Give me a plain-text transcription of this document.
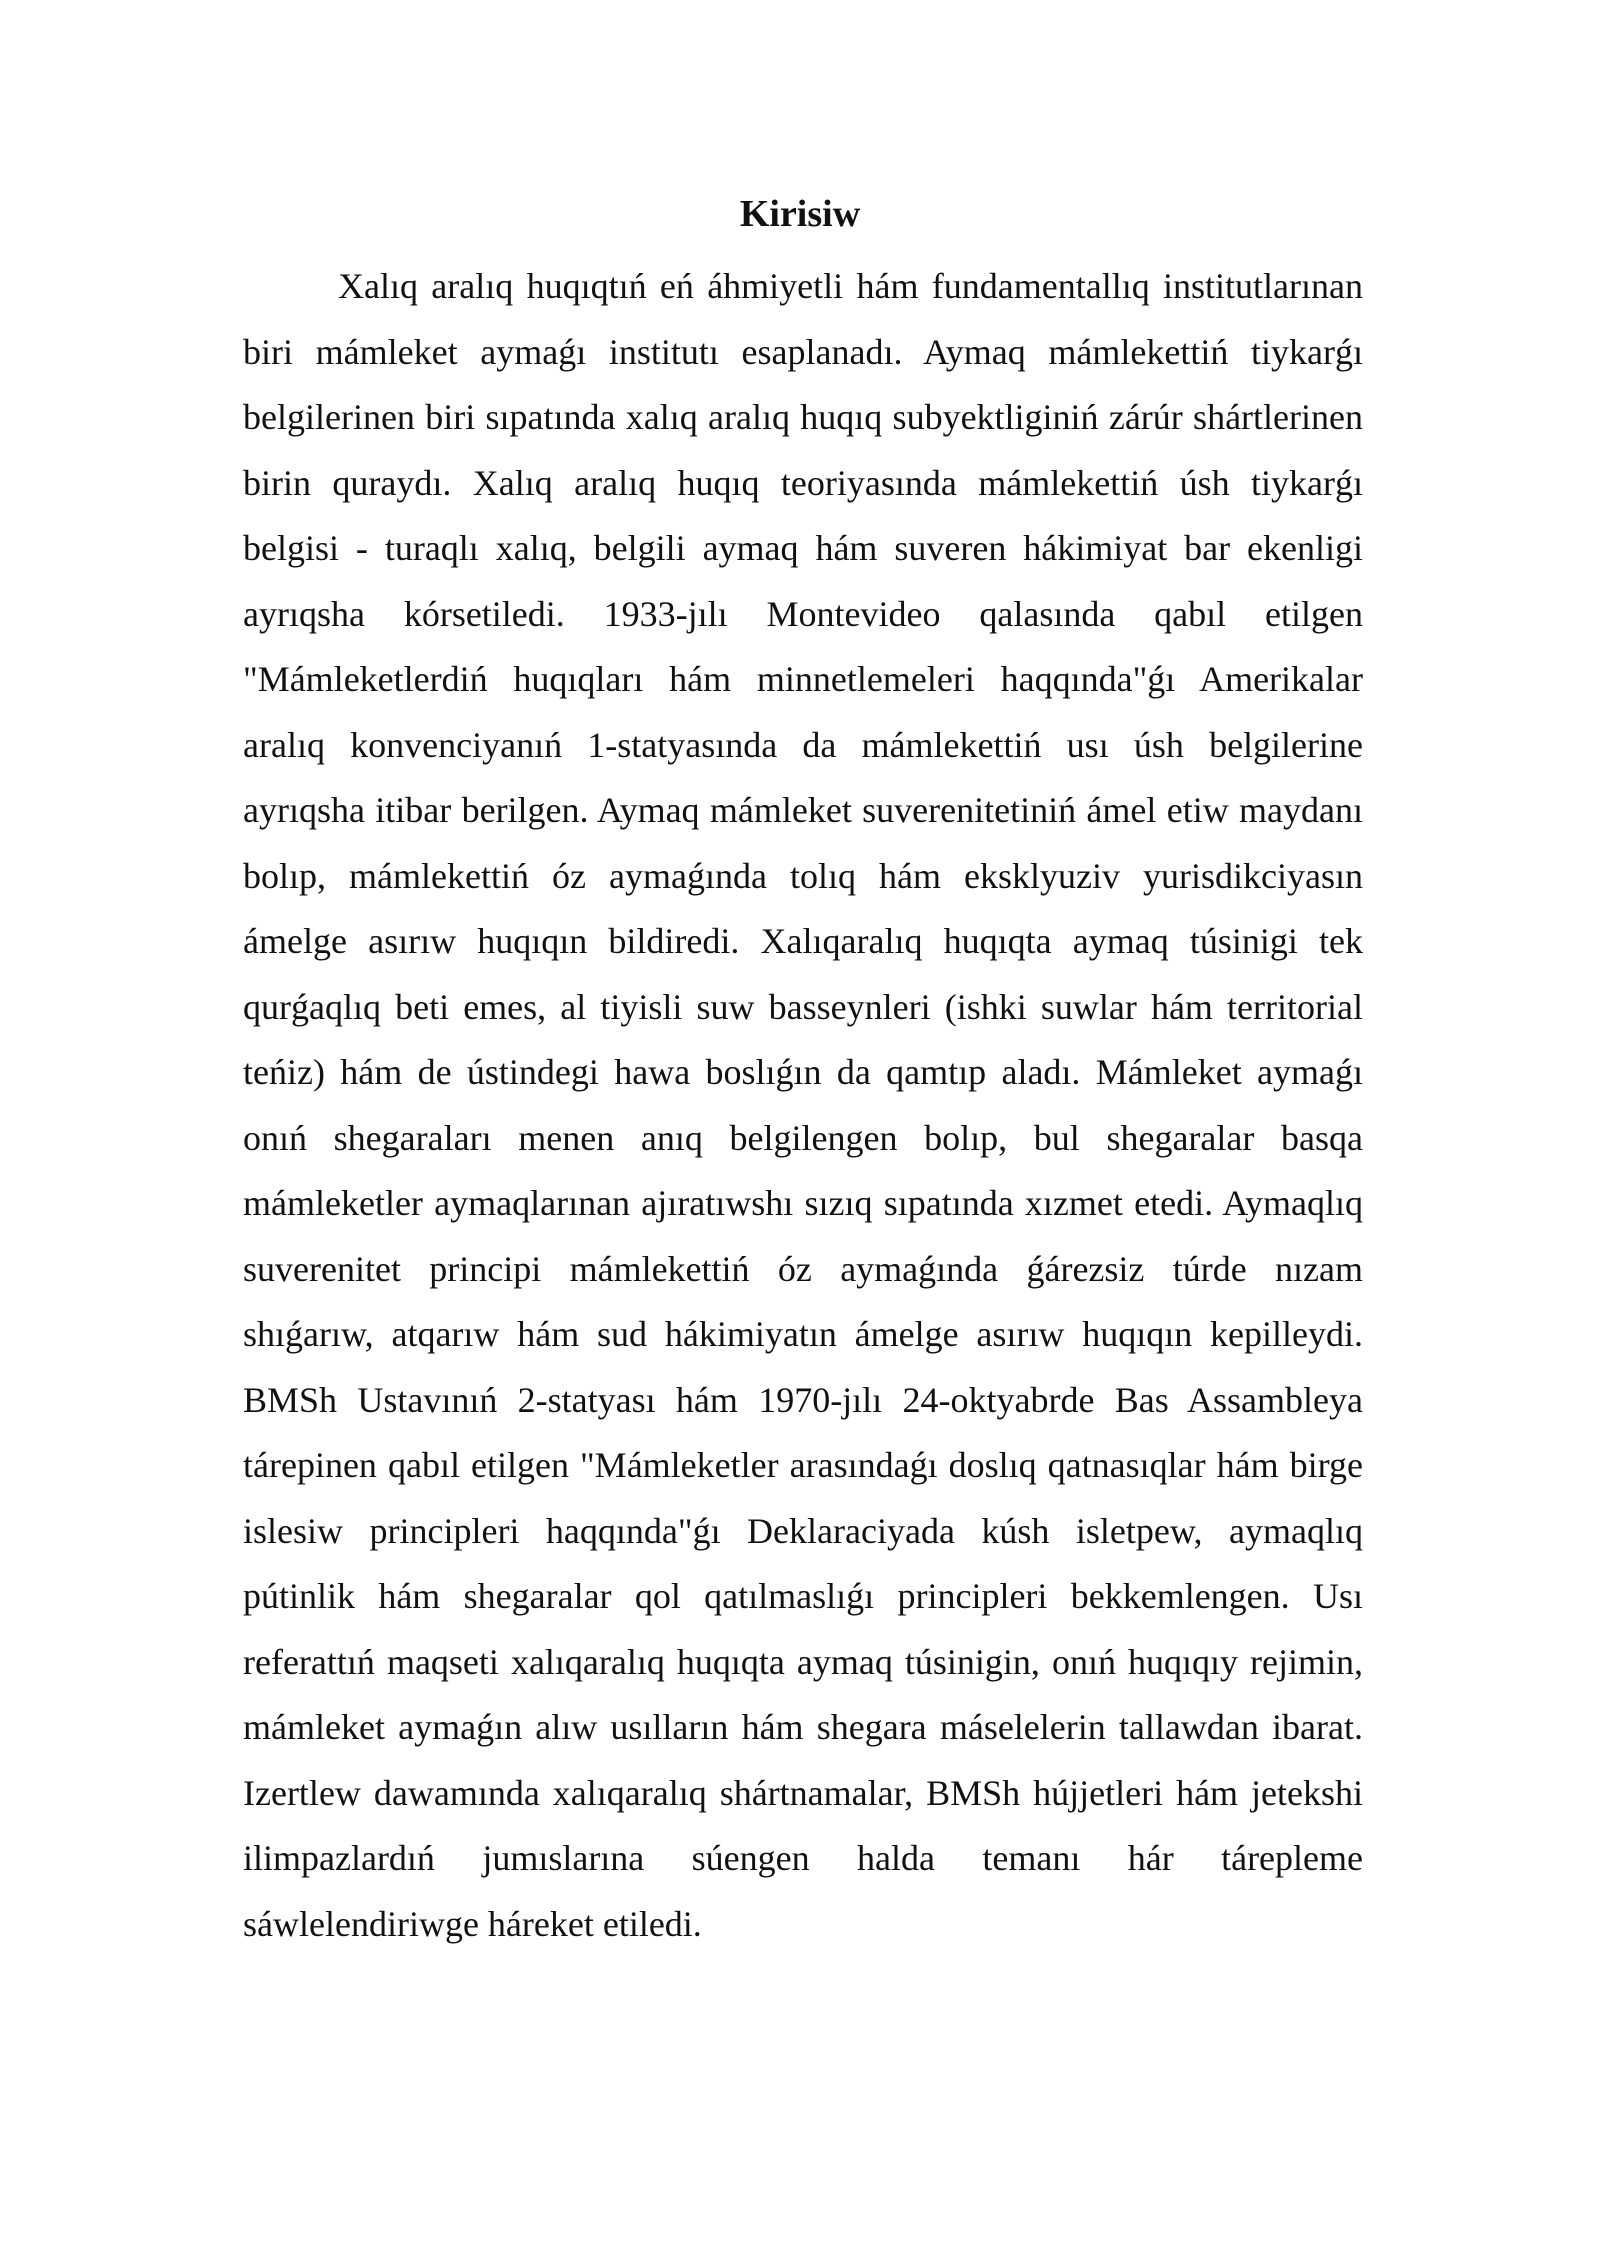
Kirisiw

Xalıq aralıq huqıqtıń eń áhmiyetli hám fundamentallıq institutlarınan biri mámleket aymaǵı institutı esaplanadı. Aymaq mámlekettiń tiykarǵı belgilerinen biri sıpatında xalıq aralıq huqıq subyektliginiń zárúr shártlerinen birin quraydı. Xalıq aralıq huqıq teoriyasında mámlekettiń úsh tiykarǵı belgisi - turaqlı xalıq, belgili aymaq hám suveren hákimiyat bar ekenligi ayrıqsha kórsetiledi. 1933-jılı Montevideo qalasında qabıl etilgen "Mámleketlerdiń huqıqları hám minnetlemeleri haqqında"ǵı Amerikalar aralıq konvenciyanıń 1-statyasında da mámlekettiń usı úsh belgilerine ayrıqsha itibar berilgen. Aymaq mámleket suverenitetiniń ámel etiw maydanı bolıp, mámlekettiń óz aymaǵında tolıq hám eksklyuziv yurisdikciyasın ámelge asırıw huqıqın bildiredi. Xalıqaralıq huqıqta aymaq túsinigi tek qurǵaqlıq beti emes, al tiyisli suw basseynleri (ishki suwlar hám territorial teńiz) hám de ústindegi hawa boslıǵın da qamtıp aladı. Mámleket aymaǵı onıń shegaraları menen anıq belgilengen bolıp, bul shegaralar basqa mámleketler aymaqlarınan ajıratıwshı sızıq sıpatında xızmet etedi. Aymaqlıq suverenitet principi mámlekettiń óz aymaǵında ǵárezsiz túrde nızam shıǵarıw, atqarıw hám sud hákimiyatın ámelge asırıw huqıqın kepilleydi. BMSh Ustavınıń 2-statyası hám 1970-jılı 24-oktyabrde Bas Assambleya tárepinen qabıl etilgen "Mámleketler arasındaǵı doslıq qatnasıqlar hám birge islesiw principleri haqqında"ǵı Deklaraciyada kúsh isletpew, aymaqlıq pútinlik hám shegaralar qol qatılmaslıǵı principleri bekkemlengen. Usı referattıń maqseti xalıqaralıq huqıqta aymaq túsinigin, onıń huqıqıy rejimin, mámleket aymaǵın alıw usılların hám shegara máselelerin tallawdan ibarat. Izertlew dawamında xalıqaralıq shártnamalar, BMSh hújjetleri hám jetekshi ilimpazlardıń jumıslarına súengen halda temanı hár tárepleme sáwlelendiriwge háreket etiledi.
